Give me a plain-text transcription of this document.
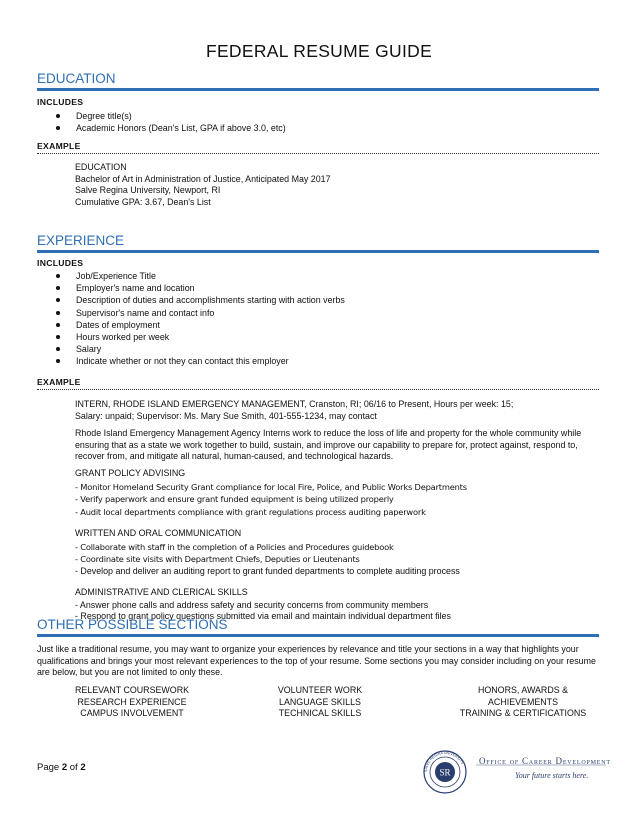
FEDERAL RESUME GUIDE
EDUCATION
INCLUDES
Degree title(s)
Academic Honors (Dean's List, GPA if above 3.0, etc)
EXAMPLE
EDUCATION
Bachelor of Art in Administration of Justice, Anticipated May 2017
Salve Regina University, Newport, RI
Cumulative GPA: 3.67, Dean's List
EXPERIENCE
INCLUDES
Job/Experience Title
Employer's name and location
Description of duties and accomplishments starting with action verbs
Supervisor's name and contact info
Dates of employment
Hours worked per week
Salary
Indicate whether or not they can contact this employer
EXAMPLE
INTERN, RHODE ISLAND EMERGENCY MANAGEMENT, Cranston, RI; 06/16 to Present, Hours per week: 15;
Salary: unpaid; Supervisor: Ms. Mary Sue Smith, 401-555-1234, may contact
Rhode Island Emergency Management Agency Interns work to reduce the loss of life and property for the whole community while ensuring that as a state we work together to build, sustain, and improve our capability to prepare for, protect against, respond to, recover from, and mitigate all natural, human-caused, and technological hazards.
GRANT POLICY ADVISING
- Monitor Homeland Security Grant compliance for local Fire, Police, and Public Works Departments
- Verify paperwork and ensure grant funded equipment is being utilized properly
- Audit local departments compliance with grant regulations process auditing paperwork
WRITTEN AND ORAL COMMUNICATION
- Collaborate with staff in the completion of a Policies and Procedures guidebook
- Coordinate site visits with Department Chiefs, Deputies or Lieutenants
- Develop and deliver an auditing report to grant funded departments to complete auditing process
ADMINISTRATIVE AND CLERICAL SKILLS
- Answer phone calls and address safety and security concerns from community members
- Respond to grant policy questions submitted via email and maintain individual department files
OTHER POSSIBLE SECTIONS
Just like a traditional resume, you may want to organize your experiences by relevance and title your sections in a way that highlights your qualifications and brings your most relevant experiences to the top of your resume. Some sections you may consider including on your resume are below, but you are not limited to only these.
RELEVANT COURSEWORK
RESEARCH EXPERIENCE
CAMPUS INVOLVEMENT
VOLUNTEER WORK
LANGUAGE SKILLS
TECHNICAL SKILLS
HONORS, AWARDS &
ACHIEVEMENTS
TRAINING & CERTIFICATIONS
Page 2 of 2	SR
SALVE REGINA UNIVERSITY Office of Career Development
Your future starts here.
